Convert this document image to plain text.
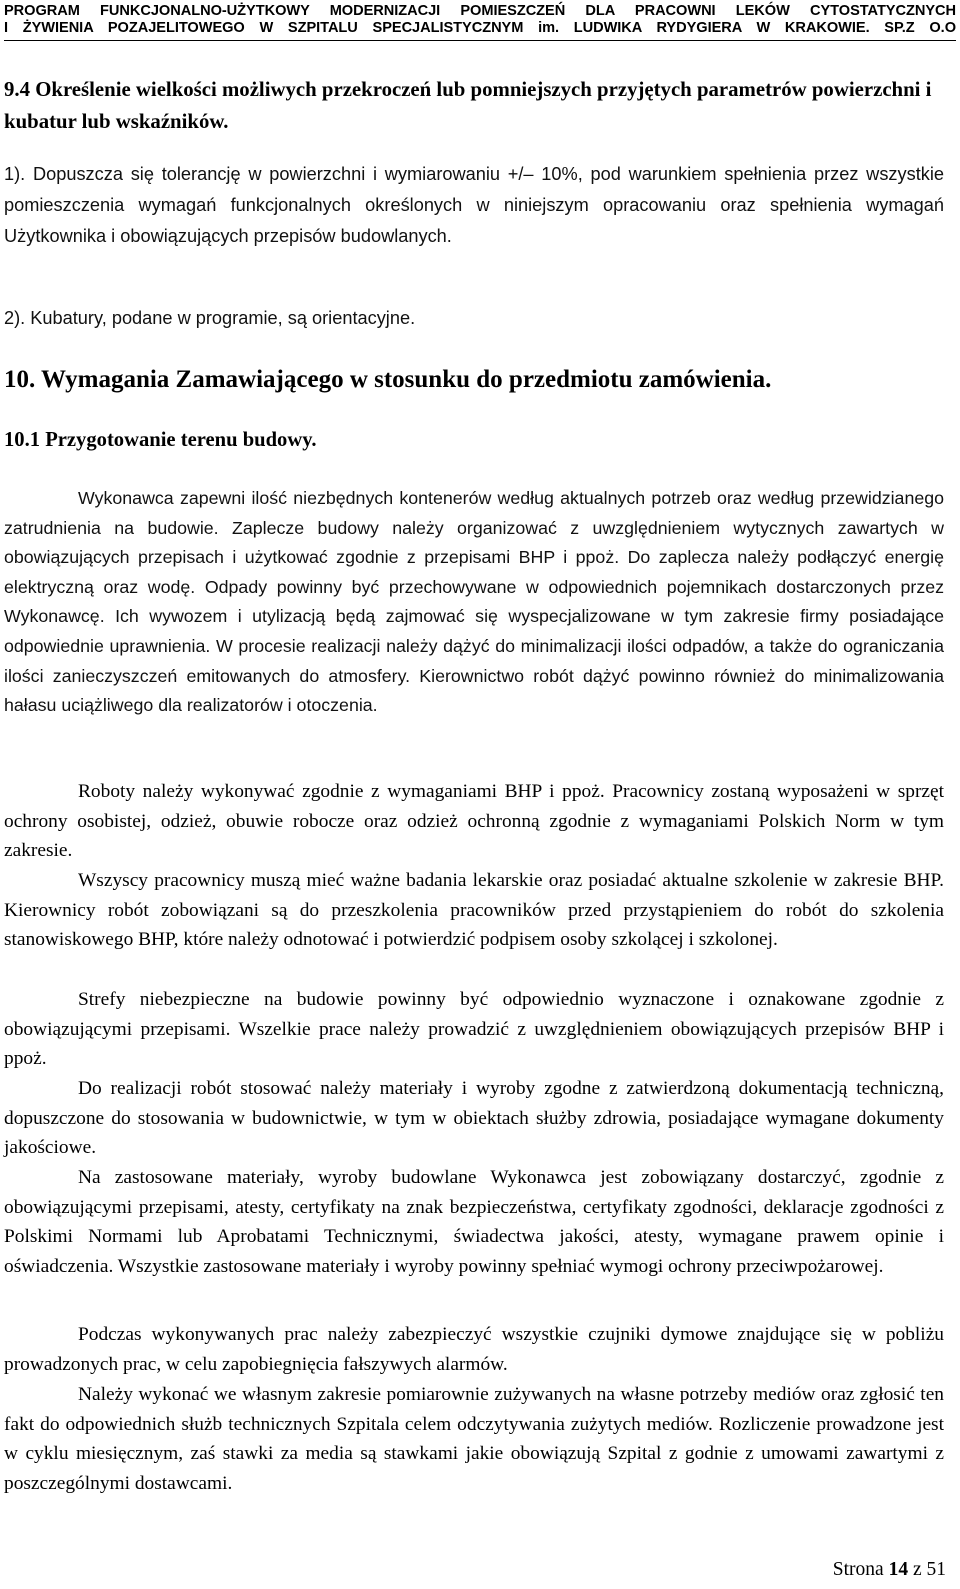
PROGRAM FUNKCJONALNO-UŻYTKOWY MODERNIZACJI POMIESZCZEŃ DLA PRACOWNI LEKÓW CYTOSTATYCZNYCH
I ŻYWIENIA POZAJELITOWEGO W SZPITALU SPECJALISTYCZNYM im. LUDWIKA RYDYGIERA W KRAKOWIE. SP.Z O.O
9.4 Określenie wielkości możliwych przekroczeń lub pomniejszych przyjętych parametrów powierzchni i kubatur lub wskaźników.
1). Dopuszcza się tolerancję w powierzchni i wymiarowaniu +/– 10%, pod warunkiem spełnienia przez wszystkie pomieszczenia wymagań funkcjonalnych określonych w niniejszym opracowaniu oraz spełnienia wymagań Użytkownika i obowiązujących przepisów budowlanych.
2). Kubatury, podane w programie, są orientacyjne.
10. Wymagania Zamawiającego w stosunku do przedmiotu zamówienia.
10.1 Przygotowanie terenu budowy.
Wykonawca zapewni ilość niezbędnych kontenerów według aktualnych potrzeb oraz według przewidzianego zatrudnienia na budowie. Zaplecze budowy należy organizować z uwzględnieniem wytycznych zawartych w obowiązujących przepisach i użytkować zgodnie z przepisami BHP i ppoż. Do zaplecza należy podłączyć energię elektryczną oraz wodę. Odpady powinny być przechowywane w odpowiednich pojemnikach dostarczonych przez Wykonawcę. Ich wywozem i utylizacją będą zajmować się wyspecjalizowane w tym zakresie firmy posiadające odpowiednie uprawnienia. W procesie realizacji należy dążyć do minimalizacji ilości odpadów, a także do ograniczania ilości zanieczyszczeń emitowanych do atmosfery. Kierownictwo robót dążyć powinno również do minimalizowania hałasu uciążliwego dla realizatorów i otoczenia.
Roboty należy wykonywać zgodnie z wymaganiami BHP i ppoż. Pracownicy zostaną wyposażeni w sprzęt ochrony osobistej, odzież, obuwie robocze oraz odzież ochronną zgodnie z wymaganiami Polskich Norm w tym zakresie.
Wszyscy pracownicy muszą mieć ważne badania lekarskie oraz posiadać aktualne szkolenie w zakresie BHP. Kierownicy robót zobowiązani są do przeszkolenia pracowników przed przystąpieniem do robót do szkolenia stanowiskowego BHP, które należy odnotować i potwierdzić podpisem osoby szkolącej i szkolonej.
Strefy niebezpieczne na budowie powinny być odpowiednio wyznaczone i oznakowane zgodnie z obowiązującymi przepisami. Wszelkie prace należy prowadzić z uwzględnieniem obowiązujących przepisów BHP i ppoż.
Do realizacji robót stosować należy materiały i wyroby zgodne z zatwierdzoną dokumentacją techniczną, dopuszczone do stosowania w budownictwie, w tym w obiektach służby zdrowia, posiadające wymagane dokumenty jakościowe.
Na zastosowane materiały, wyroby budowlane Wykonawca jest zobowiązany dostarczyć, zgodnie z obowiązującymi przepisami, atesty, certyfikaty na znak bezpieczeństwa, certyfikaty zgodności, deklaracje zgodności z Polskimi Normami lub Aprobatami Technicznymi, świadectwa jakości, atesty, wymagane prawem opinie i oświadczenia. Wszystkie zastosowane materiały i wyroby powinny spełniać wymogi ochrony przeciwpożarowej.
Podczas wykonywanych prac należy zabezpieczyć wszystkie czujniki dymowe znajdujące się w pobliżu prowadzonych prac, w celu zapobiegnięcia fałszywych alarmów.
Należy wykonać we własnym zakresie pomiarownie zużywanych na własne potrzeby mediów oraz zgłosić ten fakt do odpowiednich służb technicznych Szpitala celem odczytywania zużytych mediów. Rozliczenie prowadzone jest w cyklu miesięcznym, zaś stawki za media są stawkami jakie obowiązują Szpital z godnie z umowami zawartymi z poszczególnymi dostawcami.
Strona 14 z 51
